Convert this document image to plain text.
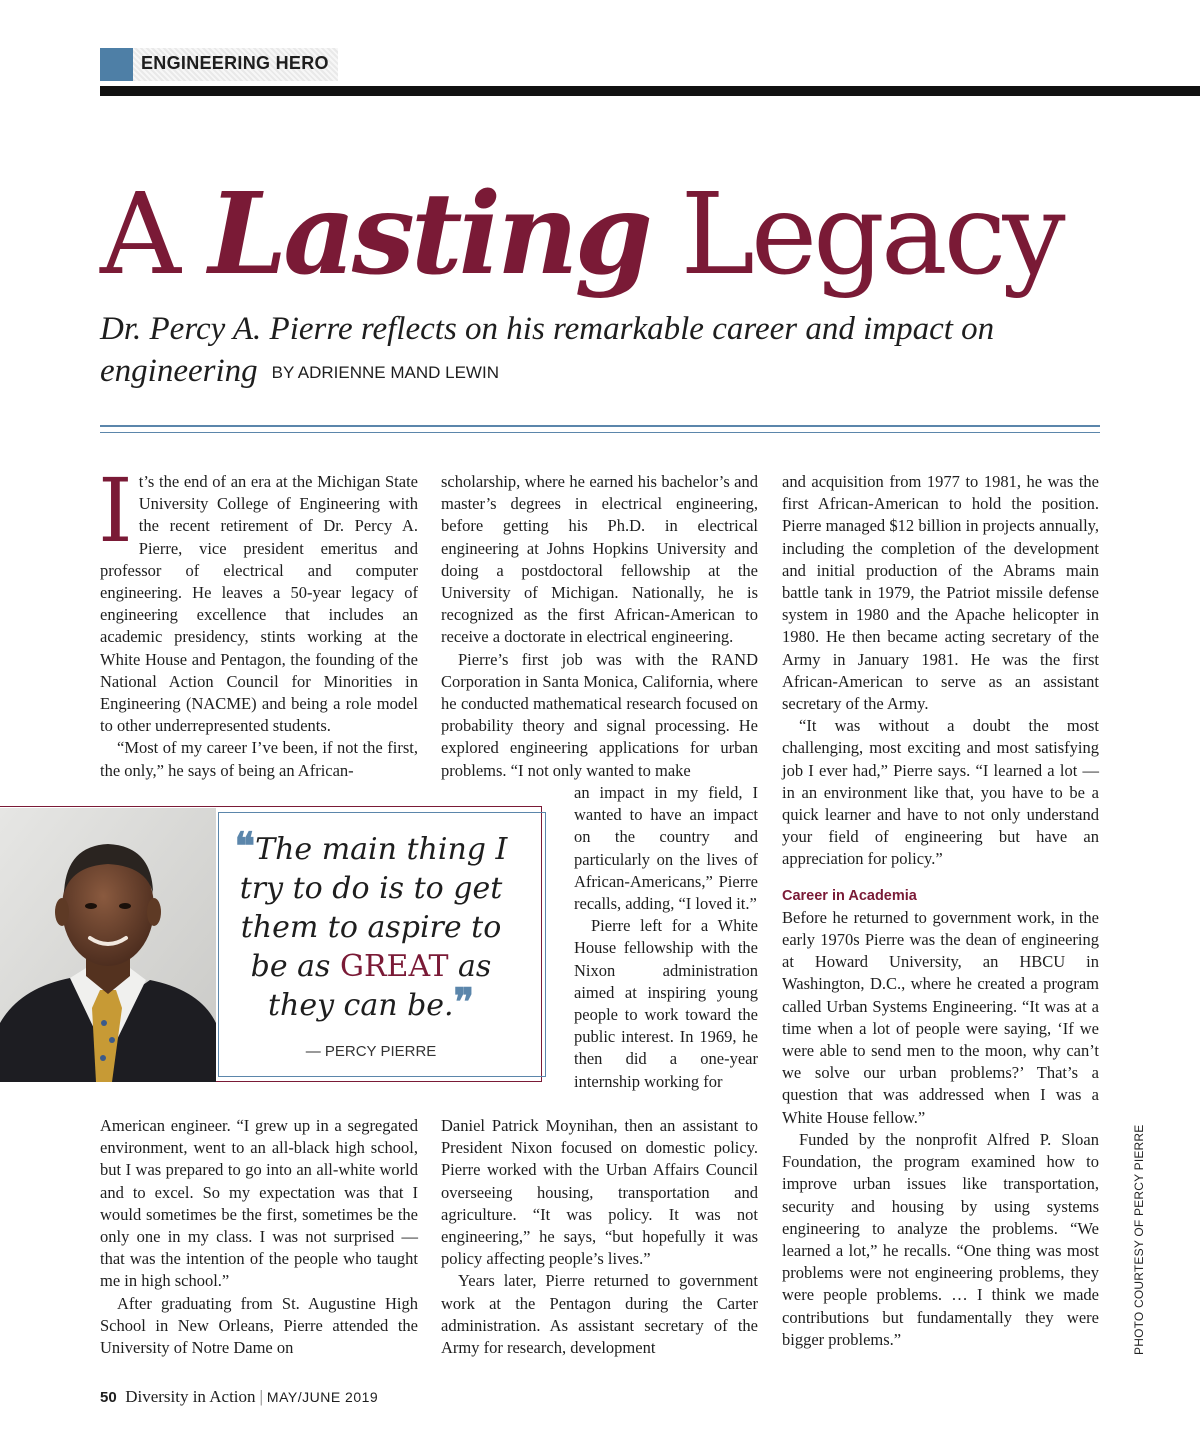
ENGINEERING HERO
A Lasting Legacy
Dr. Percy A. Pierre reflects on his remarkable career and impact on engineering BY ADRIENNE MAND LEWIN
I t’s the end of an era at the Michigan State University College of Engineering with the recent retirement of Dr. Percy A. Pierre, vice president emeritus and professor of electrical and computer engineering. He leaves a 50-year legacy of engineering excellence that includes an academic presidency, stints working at the White House and Pentagon, the founding of the National Action Council for Minorities in Engineering (NACME) and being a role model to other underrepresented students.

“Most of my career I’ve been, if not the first, the only,” he says of being an African-

American engineer. “I grew up in a segregated environment, went to an all-black high school, but I was prepared to go into an all-white world and to excel. So my expectation was that I would sometimes be the first, sometimes be the only one in my class. I was not surprised — that was the intention of the people who taught me in high school.”

After graduating from St. Augustine High School in New Orleans, Pierre attended the University of Notre Dame on

scholarship, where he earned his bachelor’s and master’s degrees in electrical engineering, before getting his Ph.D. in electrical engineering at Johns Hopkins University and doing a postdoctoral fellowship at the University of Michigan. Nationally, he is recognized as the first African-American to receive a doctorate in electrical engineering.

Pierre’s first job was with the RAND Corporation in Santa Monica, California, where he conducted mathematical research focused on probability theory and signal processing. He explored engineering applications for urban problems. “I not only wanted to make

an impact in my field, I wanted to have an impact on the country and particularly on the lives of African-Americans,” Pierre recalls, adding, “I loved it.”

Pierre left for a White House fellowship with the Nixon administration aimed at inspiring young people to work toward the public interest. In 1969, he then did a one-year internship working for

Daniel Patrick Moynihan, then an assistant to President Nixon focused on domestic policy. Pierre worked with the Urban Affairs Council overseeing housing, transportation and agriculture. “It was policy. It was not engineering,” he says, “but hopefully it was policy affecting people’s lives.”

Years later, Pierre returned to government work at the Pentagon during the Carter administration. As assistant secretary of the Army for research, development

and acquisition from 1977 to 1981, he was the first African-American to hold the position. Pierre managed $12 billion in projects annually, including the completion of the development and initial production of the Abrams main battle tank in 1979, the Patriot missile defense system in 1980 and the Apache helicopter in 1980. He then became acting secretary of the Army in January 1981. He was the first African-American to serve as an assistant secretary of the Army.

“It was without a doubt the most challenging, most exciting and most satisfying job I ever had,” Pierre says. “I learned a lot — in an environment like that, you have to be a quick learner and have to not only understand your field of engineering but have an appreciation for policy.”

Career in Academia

Before he returned to government work, in the early 1970s Pierre was the dean of engineering at Howard University, an HBCU in Washington, D.C., where he created a program called Urban Systems Engineering. “It was at a time when a lot of people were saying, ‘If we were able to send men to the moon, why can’t we solve our urban problems?’ That’s a question that was addressed when I was a White House fellow.”

Funded by the nonprofit Alfred P. Sloan Foundation, the program examined how to improve urban issues like transportation, security and housing by using systems engineering to analyze the problems. “We learned a lot,” he recalls. “One thing was most problems were not engineering problems, they were people problems. … I think we made contributions but fundamentally they were bigger problems.”

❝The main thing I try to do is to get them to aspire to be as GREAT as they can be.❞
— PERCY PIERRE
50 Diversity in Action | MAY/JUNE 2019
PHOTO COURTESY OF PERCY PIERRE
